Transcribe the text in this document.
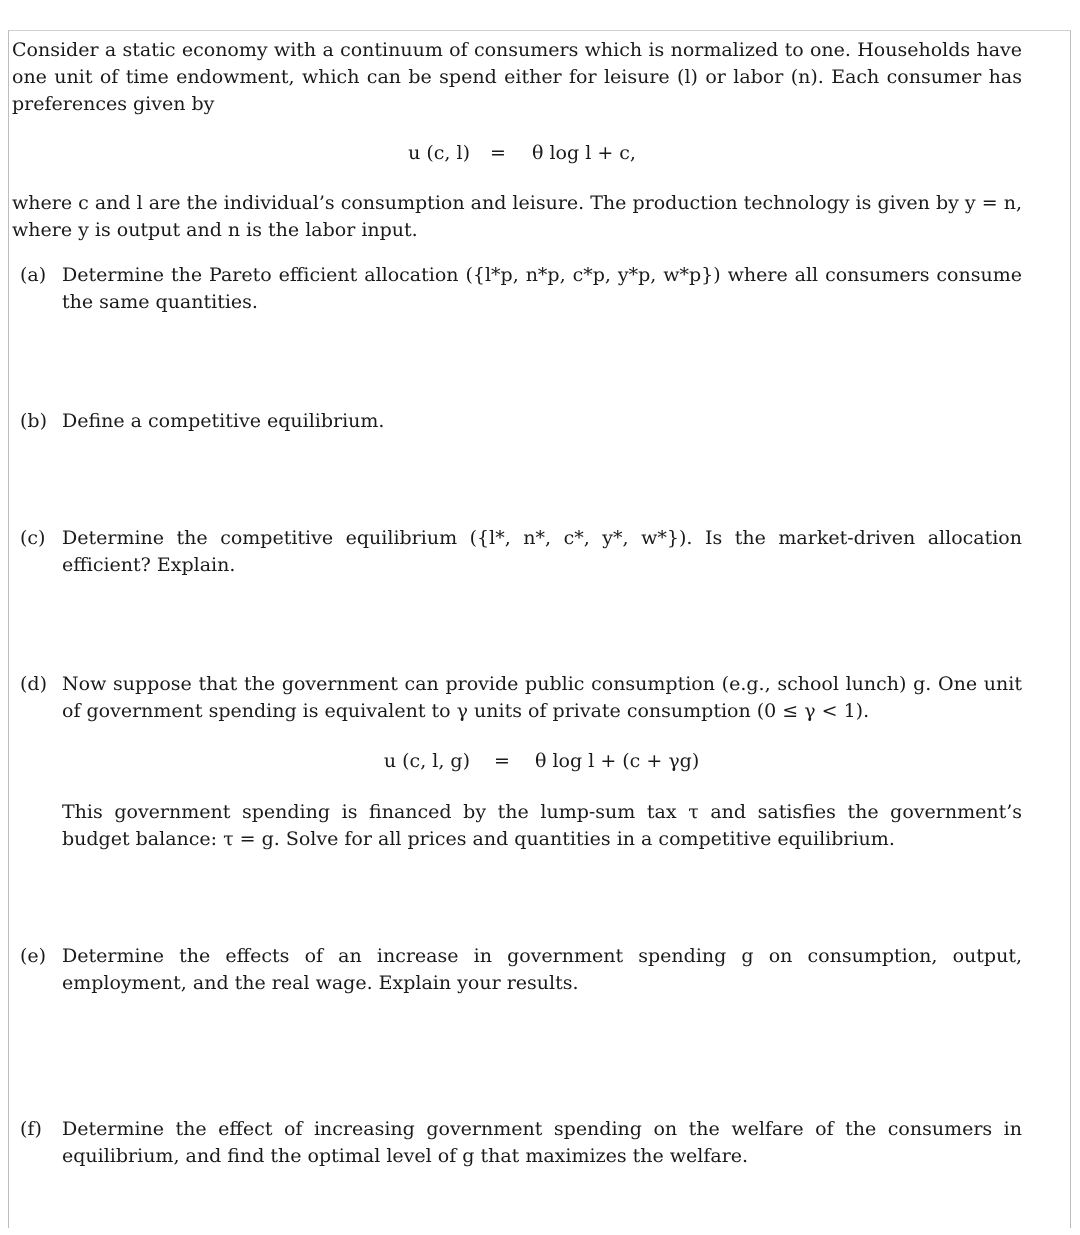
Consider a static economy with a continuum of consumers which is normalized to one. Households have one unit of time endowment, which can be spend either for leisure (l) or labor (n). Each consumer has preferences given by

u (c, l)	=	θ log l + c,

where c and l are the individual’s consumption and leisure. The production technology is given by y = n, where y is output and n is the labor input.

(a) Determine the Pareto efficient allocation ({l*p, n*p, c*p, y*p, w*p}) where all consumers consume the same quantities.
(b) Define a competitive equilibrium.
(c) Determine the competitive equilibrium ({l*, n*, c*, y*, w*}). Is the market-driven allocation efficient? Explain.
(d) Now suppose that the government can provide public consumption (e.g., school lunch) g. One unit of government spending is equivalent to γ units of private consumption (0 ≤ γ < 1).
u (c, l, g)	=	θ log l + (c + γg)

This government spending is financed by the lump-sum tax τ and satisfies the government’s budget balance: τ = g. Solve for all prices and quantities in a competitive equilibrium.

(e) Determine the effects of an increase in government spending g on consumption, output, employment, and the real wage. Explain your results.
(f)	Determine the effect of increasing government spending on the welfare of the consumers in equilibrium, and find the optimal level of g that maximizes the welfare.
